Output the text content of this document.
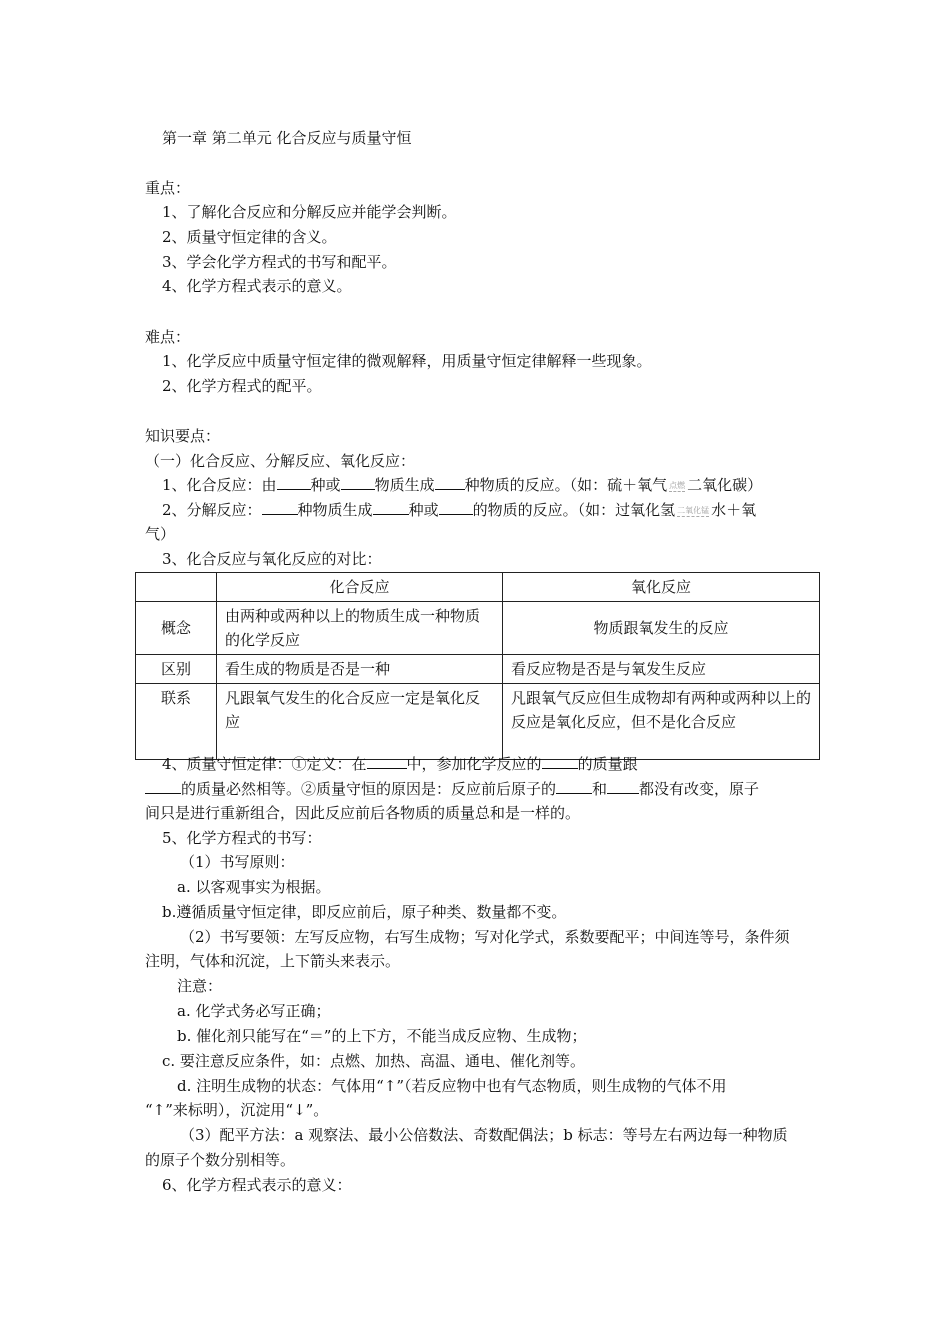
第一章 第二单元 化合反应与质量守恒
重点：
1、了解化合反应和分解反应并能学会判断。
2、质量守恒定律的含义。
3、学会化学方程式的书写和配平。
4、化学方程式表示的意义。
难点：
1、化学反应中质量守恒定律的微观解释，用质量守恒定律解释一些现象。
2、化学方程式的配平。
知识要点：
（一）化合反应、分解反应、氧化反应：
1、化合反应：由 种或 物质生成 种物质的反应。（如：硫＋氧气 点燃 二氧化碳）
2、分解反应： 种物质生成 种或 的物质的反应。（如：过氧化氢 二氧化锰 水＋氧
气）
3、化合反应与氧化反应的对比：
	化合反应	氧化反应
概念	由两种或两种以上的物质生成一种物质的化学反应	物质跟氧发生的反应
区别	看生成的物质是否是一种	看反应物是否是与氧发生反应
联系	凡跟氧气发生的化合反应一定是氧化反应	凡跟氧气反应但生成物却有两种或两种以上的反应是氧化反应，但不是化合反应
4、质量守恒定律：①定义：在	中，参加化学反应的 的质量跟
的质量必然相等。②质量守恒的原因是：反应前后原子的 和 都没有改变，原子
间只是进行重新组合，因此反应前后各物质的质量总和是一样的。
5、化学方程式的书写：
（1）书写原则：
a. 以客观事实为根据。
b.遵循质量守恒定律，即反应前后，原子种类、数量都不变。
（2）书写要领：左写反应物，右写生成物；写对化学式，系数要配平；中间连等号，条件须
注明，气体和沉淀，上下箭头来表示。
注意：
a. 化学式务必写正确；
b. 催化剂只能写在“＝”的上下方，不能当成反应物、生成物；
c. 要注意反应条件，如：点燃、加热、高温、通电、催化剂等。
d. 注明生成物的状态：气体用“↑”（若反应物中也有气态物质，则生成物的气体不用
“↑”来标明），沉淀用“↓”。
（3）配平方法：a 观察法、最小公倍数法、奇数配偶法；b 标志：等号左右两边每一种物质
的原子个数分别相等。
6、化学方程式表示的意义：
